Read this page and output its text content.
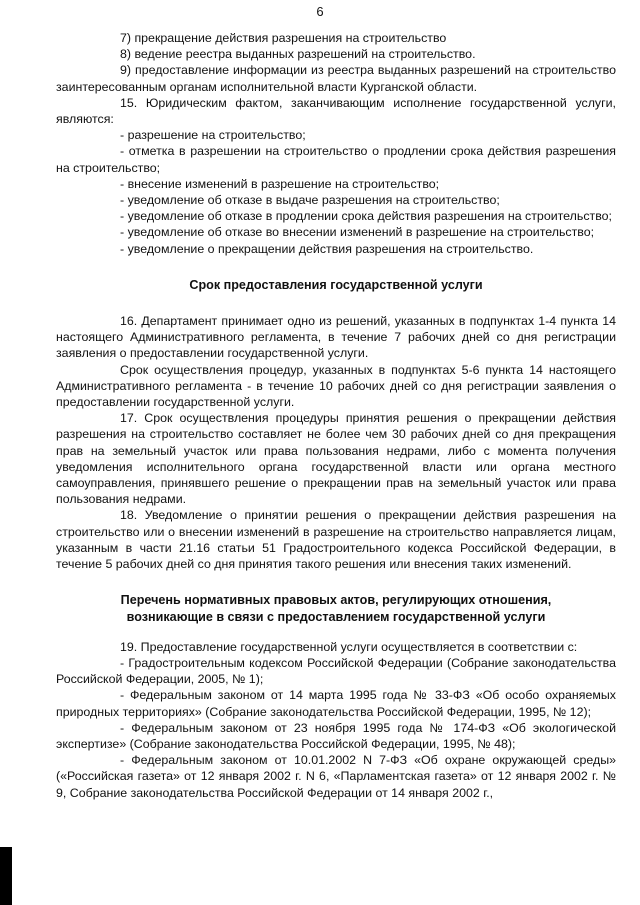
6

7) прекращение действия разрешения на строительство

8) ведение реестра выданных разрешений на строительство.

9) предоставление информации из реестра выданных разрешений на строительство заинтересованным органам исполнительной власти Курганской области.

15. Юридическим фактом, заканчивающим исполнение государственной услуги, являются:

- разрешение на строительство;

- отметка в разрешении на строительство о продлении срока действия разрешения на строительство;

- внесение изменений в разрешение на строительство;

- уведомление об отказе в выдаче разрешения на строительство;

- уведомление об отказе в продлении срока действия разрешения на строительство;

- уведомление об отказе во внесении изменений в разрешение на строительство;

- уведомление о прекращении действия разрешения на строительство.

Срок предоставления государственной услуги

16. Департамент принимает одно из решений, указанных в подпунктах 1-4 пункта 14 настоящего Административного регламента, в течение 7 рабочих дней со дня регистрации заявления о предоставлении государственной услуги.

Срок осуществления процедур, указанных в подпунктах 5-6 пункта 14 настоящего Административного регламента - в течение 10 рабочих дней со дня регистрации заявления о предоставлении государственной услуги.

17. Срок осуществления процедуры принятия решения о прекращении действия разрешения на строительство составляет не более чем 30 рабочих дней со дня прекращения прав на земельный участок или права пользования недрами, либо с момента получения уведомления исполнительного органа государственной власти или органа местного самоуправления, принявшего решение о прекращении прав на земельный участок или права пользования недрами.

18. Уведомление о принятии решения о прекращении действия разрешения на строительство или о внесении изменений в разрешение на строительство направляется лицам, указанным в части 21.16 статьи 51 Градостроительного кодекса Российской Федерации, в течение 5 рабочих дней со дня принятия такого решения или внесения таких изменений.

Перечень нормативных правовых актов, регулирующих отношения,

возникающие в связи с предоставлением государственной услуги

19. Предоставление государственной услуги осуществляется в соответствии с:

- Градостроительным кодексом Российской Федерации (Собрание законодательства Российской Федерации, 2005, № 1);

- Федеральным законом от 14 марта 1995 года № 33-ФЗ «Об особо охраняемых природных территориях» (Собрание законодательства Российской Федерации, 1995, № 12);

- Федеральным законом от 23 ноября 1995 года № 174-ФЗ «Об экологической экспертизе» (Собрание законодательства Российской Федерации, 1995, № 48);

- Федеральным законом от 10.01.2002 N 7-ФЗ «Об охране окружающей среды» («Российская газета» от 12 января 2002 г. N 6, «Парламентская газета» от 12 января 2002 г. № 9, Собрание законодательства Российской Федерации от 14 января 2002 г.,
